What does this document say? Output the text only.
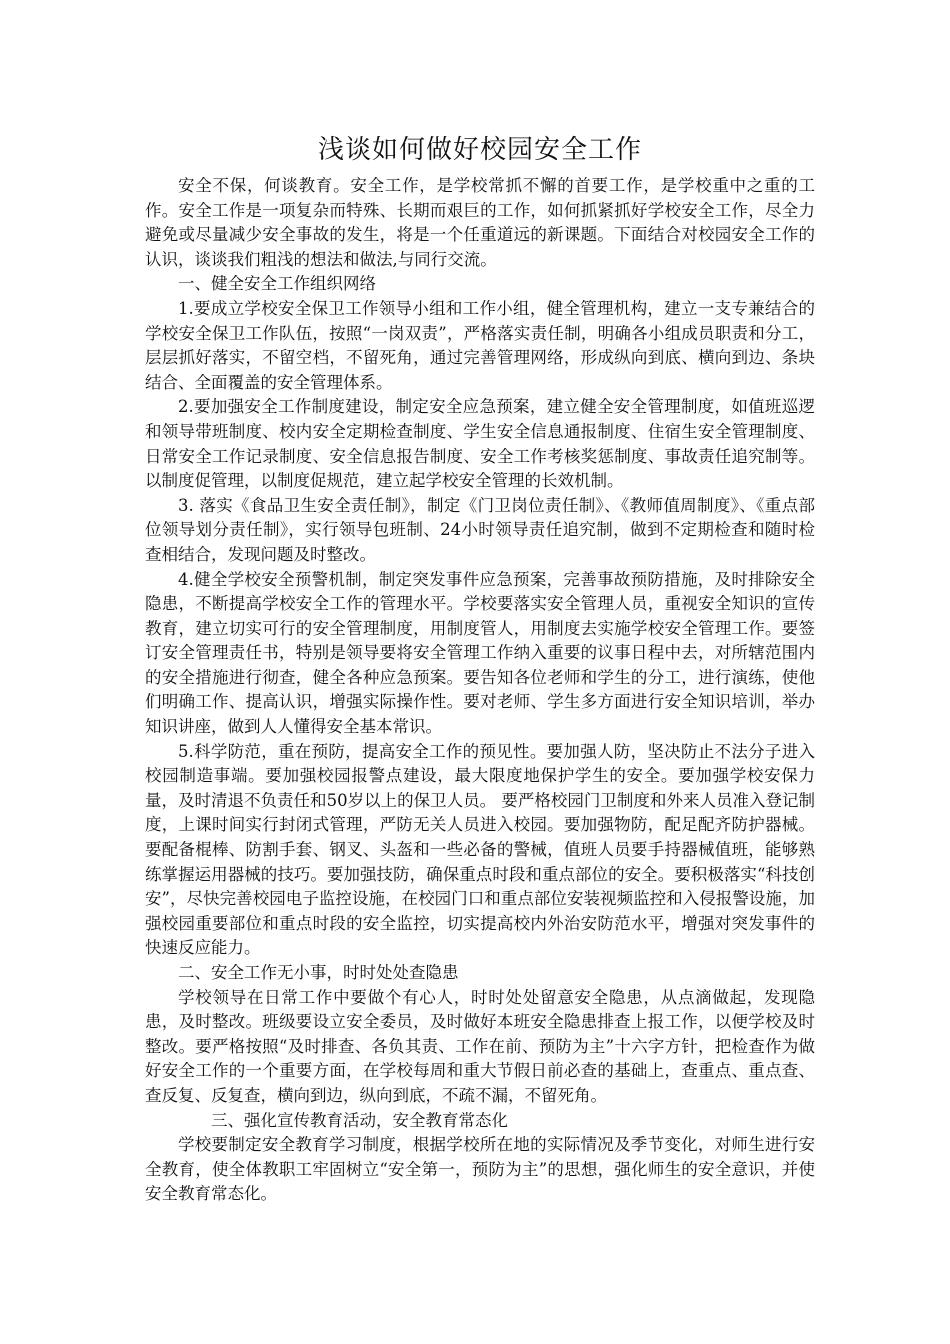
浅谈如何做好校园安全工作

安全不保，何谈教育。安全工作，是学校常抓不懈的首要工作，是学校重中之重的工作。安全工作是一项复杂而特殊、长期而艰巨的工作，如何抓紧抓好学校安全工作，尽全力避免或尽量减少安全事故的发生，将是一个任重道远的新课题。下面结合对校园安全工作的认识，谈谈我们粗浅的想法和做法,与同行交流。

一、健全安全工作组织网络

1.要成立学校安全保卫工作领导小组和工作小组，健全管理机构，建立一支专兼结合的学校安全保卫工作队伍，按照“一岗双责”，严格落实责任制，明确各小组成员职责和分工，层层抓好落实，不留空档，不留死角，通过完善管理网络，形成纵向到底、横向到边、条块结合、全面覆盖的安全管理体系。

2.要加强安全工作制度建设，制定安全应急预案，建立健全安全管理制度，如值班巡逻和领导带班制度、校内安全定期检查制度、学生安全信息通报制度、住宿生安全管理制度、日常安全工作记录制度、安全信息报告制度、安全工作考核奖惩制度、事故责任追究制等。以制度促管理，以制度促规范，建立起学校安全管理的长效机制。

3. 落实《食品卫生安全责任制》，制定《门卫岗位责任制》、《教师值周制度》、《重点部位领导划分责任制》，实行领导包班制、24小时领导责任追究制，做到不定期检查和随时检查相结合，发现问题及时整改。

4.健全学校安全预警机制，制定突发事件应急预案，完善事故预防措施，及时排除安全隐患，不断提高学校安全工作的管理水平。学校要落实安全管理人员，重视安全知识的宣传教育，建立切实可行的安全管理制度，用制度管人，用制度去实施学校安全管理工作。要签订安全管理责任书，特别是领导要将安全管理工作纳入重要的议事日程中去，对所辖范围内的安全措施进行彻查，健全各种应急预案。要告知各位老师和学生的分工，进行演练，使他们明确工作、提高认识，增强实际操作性。要对老师、学生多方面进行安全知识培训，举办知识讲座，做到人人懂得安全基本常识。

5.科学防范，重在预防，提高安全工作的预见性。要加强人防，坚决防止不法分子进入校园制造事端。要加强校园报警点建设，最大限度地保护学生的安全。要加强学校安保力量，及时清退不负责任和50岁以上的保卫人员。 要严格校园门卫制度和外来人员准入登记制度，上课时间实行封闭式管理，严防无关人员进入校园。要加强物防，配足配齐防护器械。要配备棍棒、防割手套、钢叉、头盔和一些必备的警械，值班人员要手持器械值班，能够熟练掌握运用器械的技巧。要加强技防，确保重点时段和重点部位的安全。要积极落实“科技创安”，尽快完善校园电子监控设施，在校园门口和重点部位安装视频监控和入侵报警设施，加强校园重要部位和重点时段的安全监控，切实提高校内外治安防范水平，增强对突发事件的快速反应能力。

二、安全工作无小事，时时处处查隐患

学校领导在日常工作中要做个有心人，时时处处留意安全隐患，从点滴做起，发现隐患，及时整改。班级要设立安全委员，及时做好本班安全隐患排查上报工作，以便学校及时整改。要严格按照“及时排查、各负其责、工作在前、预防为主”十六字方针，把检查作为做好安全工作的一个重要方面，在学校每周和重大节假日前必查的基础上，查重点、重点查、查反复、反复查，横向到边，纵向到底，不疏不漏，不留死角。

三、强化宣传教育活动，安全教育常态化

学校要制定安全教育学习制度，根据学校所在地的实际情况及季节变化，对师生进行安全教育，使全体教职工牢固树立“安全第一，预防为主”的思想，强化师生的安全意识，并使安全教育常态化。
